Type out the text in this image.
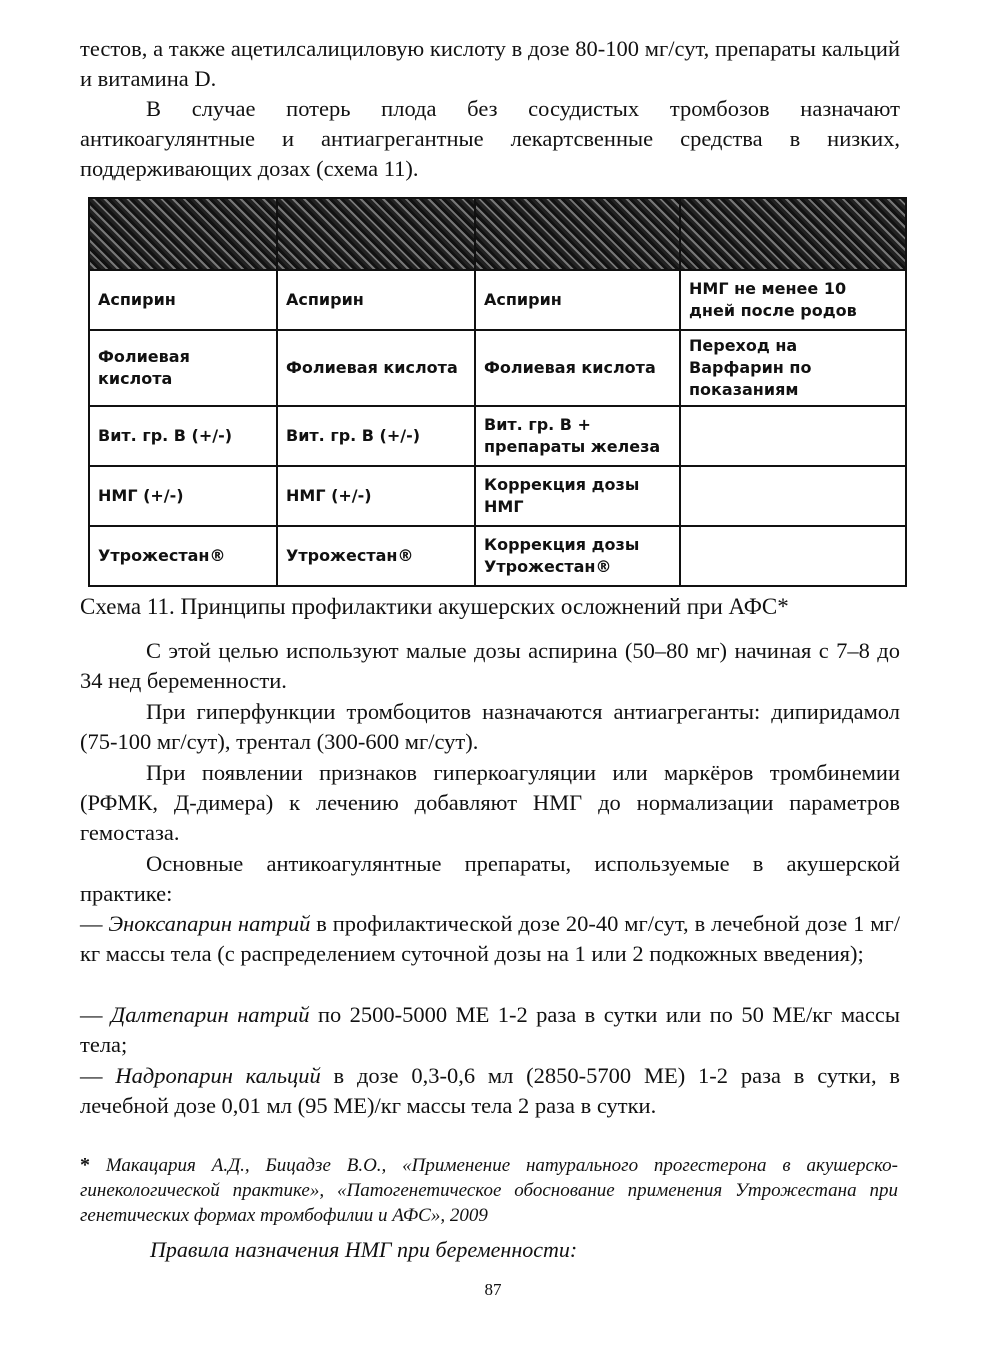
тестов, а также ацетилсалициловую кислоту в дозе 80-100 мг/сут, препараты кальций и витамина D.

В случае потерь плода без сосудистых тромбозов назначают антикоагулянтные и антиагрегантные лекартсвенные средства в низких, поддерживающих дозах (схема 11).

Аспирин	Аспирин	Аспирин	НМГ не менее 10 дней после родов
Фолиевая кислота	Фолиевая кислота	Фолиевая кислота	Переход на Варфарин по показаниям
Вит. гр. В (+/-)	Вит. гр. В (+/-)	Вит. гр. В + препараты железа	
НМГ (+/-)	НМГ (+/-)	Коррекция дозы НМГ	
Утрожестан®	Утрожестан®	Коррекция дозы Утрожестан®	

Схема 11. Принципы профилактики акушерских осложнений при АФС*

С этой целью используют малые дозы аспирина (50–80 мг) начиная с 7–8 до 34 нед беременности.

При гиперфункции тромбоцитов назначаются антиагреганты: дипиридамол (75-100 мг/сут), трентал (300-600 мг/сут).

При появлении признаков гиперкоагуляции или маркёров тромбинемии (РФМК, Д-димера) к лечению добавляют НМГ до нормализации параметров гемостаза.

Основные антикоагулянтные препараты, используемые в акушерской практике:

— Эноксапарин натрий в профилактической дозе 20-40 мг/сут, в лечебной дозе 1 мг/кг массы тела (с распределением суточной дозы на 1 или 2 подкожных введения);

— Далтепарин натрий по 2500-5000 МЕ 1-2 раза в сутки или по 50 МЕ/кг массы тела;

— Надропарин кальций в дозе 0,3-0,6 мл (2850-5700 МЕ) 1-2 раза в сутки, в лечебной дозе 0,01 мл (95 МЕ)/кг массы тела 2 раза в сутки.

* Макацария А.Д., Бицадзе В.О., «Применение натурального прогестерона в акушерско-гинекологической практике», «Патогенетическое обоснование применения Утрожестана при генетических формах тромбофилии и АФС», 2009

Правила назначения НМГ при беременности:

87
